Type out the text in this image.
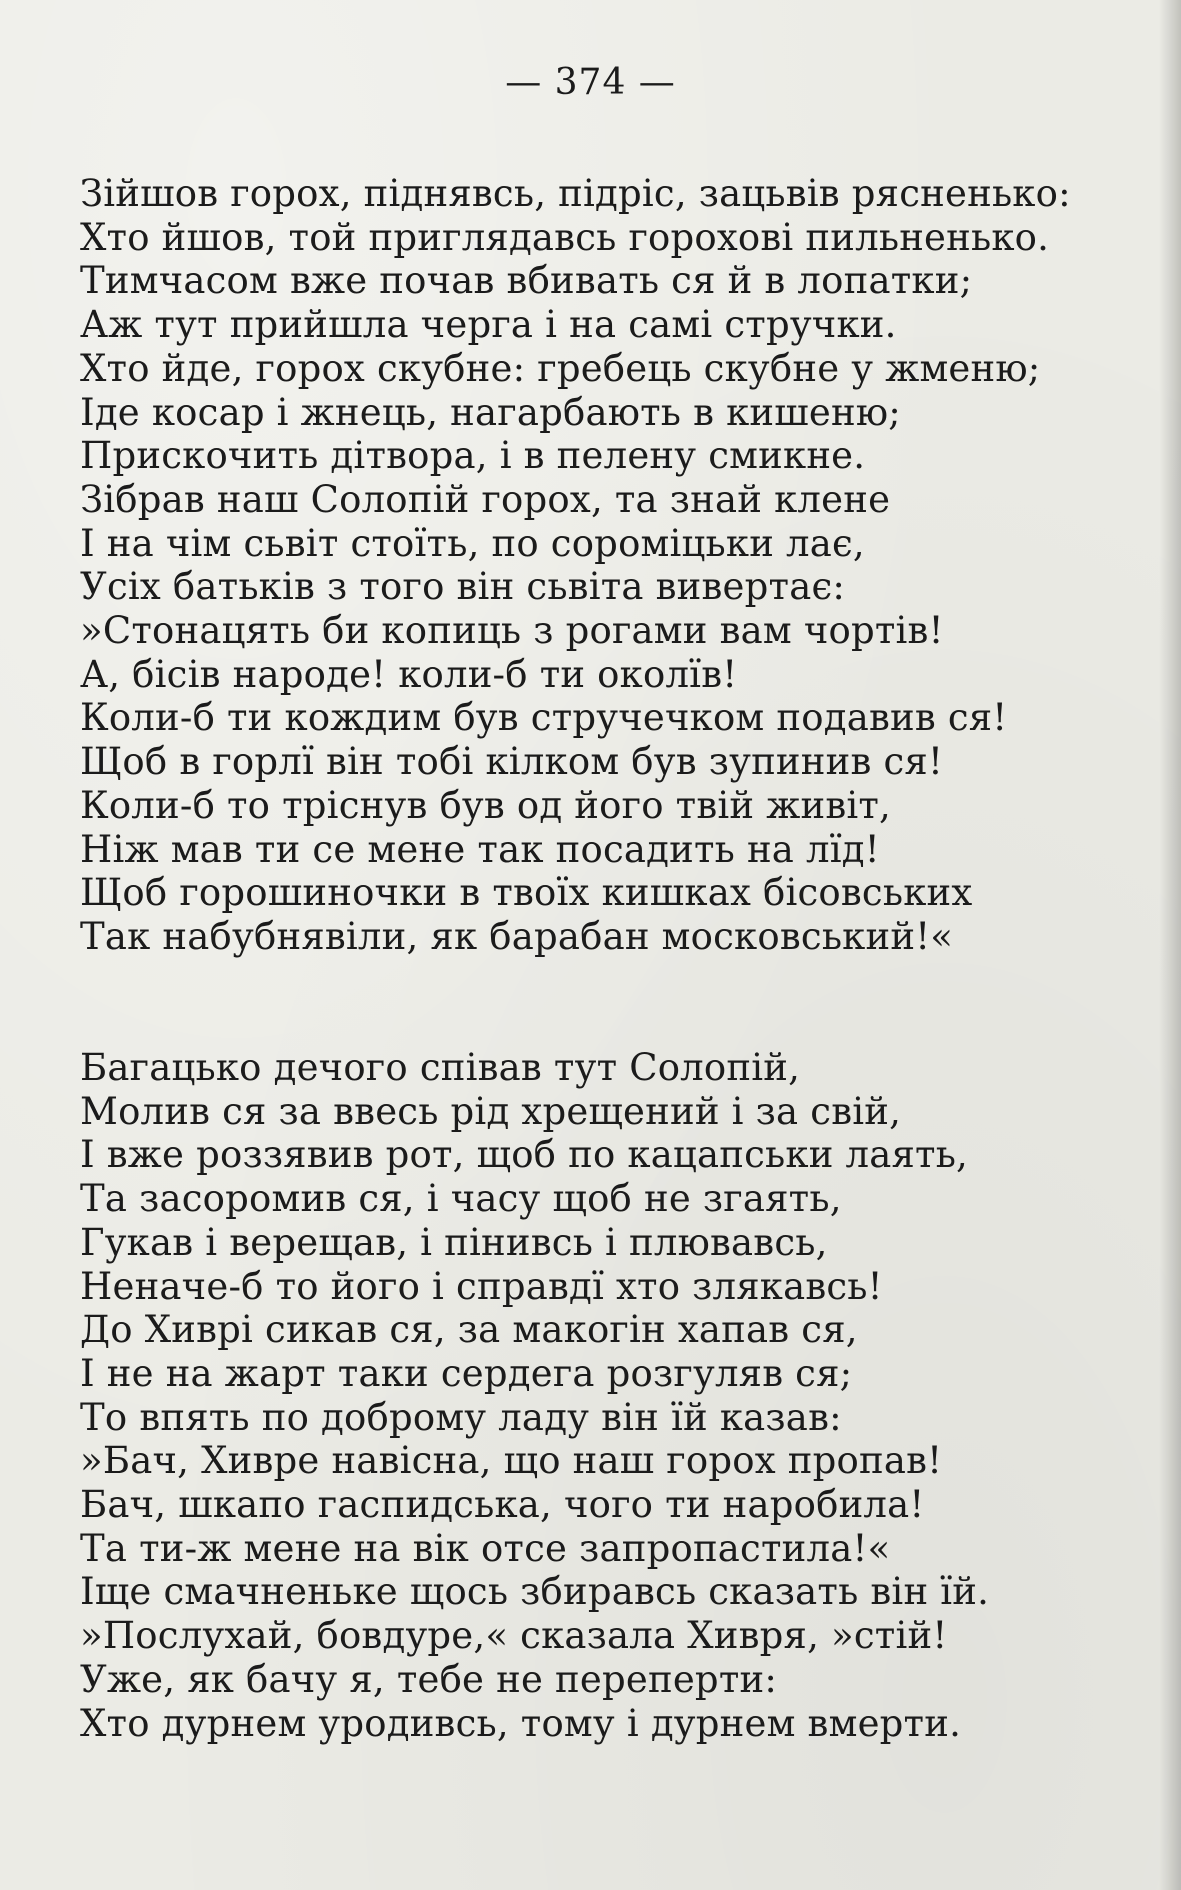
— 374 —
Зійшов горох, піднявсь, підріс, зацьвів рясненько:
Хто йшов, той приглядавсь горохові пильненько.
Тимчасом вже почав вбивать ся й в лопатки;
Аж тут прийшла черга і на самі стручки.
Хто йде, горох скубне: гребець скубне у жменю;
Іде косар і жнець, нагарбають в кишеню;
Прискочить дітвора, і в пелену смикне.
Зібрав наш Солопій горох, та знай клене
І на чім сьвіт стоїть, по сороміцьки лає,
Усіх батьків з того він сьвіта вивертає:
»Стонацять би копиць з рогами вам чортів!
А, бісів народе! коли-б ти околїв!
Коли-б ти кождим був стручечком подавив ся!
Щоб в горлї він тобі кілком був зупинив ся!
Коли-б то тріснув був од його твій живіт,
Ніж мав ти се мене так посадить на лїд!
Щоб горошиночки в твоїх кишках бісовських
Так набубнявіли, як барабан московський!«
Багацько дечого співав тут Солопій,
Молив ся за ввесь рід хрещений і за свій,
І вже роззявив рот, щоб по кацапськи лаять,
Та засоромив ся, і часу щоб не згаять,
Гукав і верещав, і пінивсь і плювавсь,
Неначе-б то його і справдї хто злякавсь!
До Хиврі сикав ся, за макогін хапав ся,
І не на жарт таки сердега розгуляв ся;
То впять по доброму ладу він їй казав:
»Бач, Хивре навісна, що наш горох пропав!
Бач, шкапо гаспидська, чого ти наробила!
Та ти-ж мене на вік отсе запропастила!«
Іще смачненьке щось збиравсь сказать він їй.
»Послухай, бовдуре,« сказала Хивря, »стій!
Уже, як бачу я, тебе не переперти:
Хто дурнем уродивсь, тому і дурнем вмерти.
